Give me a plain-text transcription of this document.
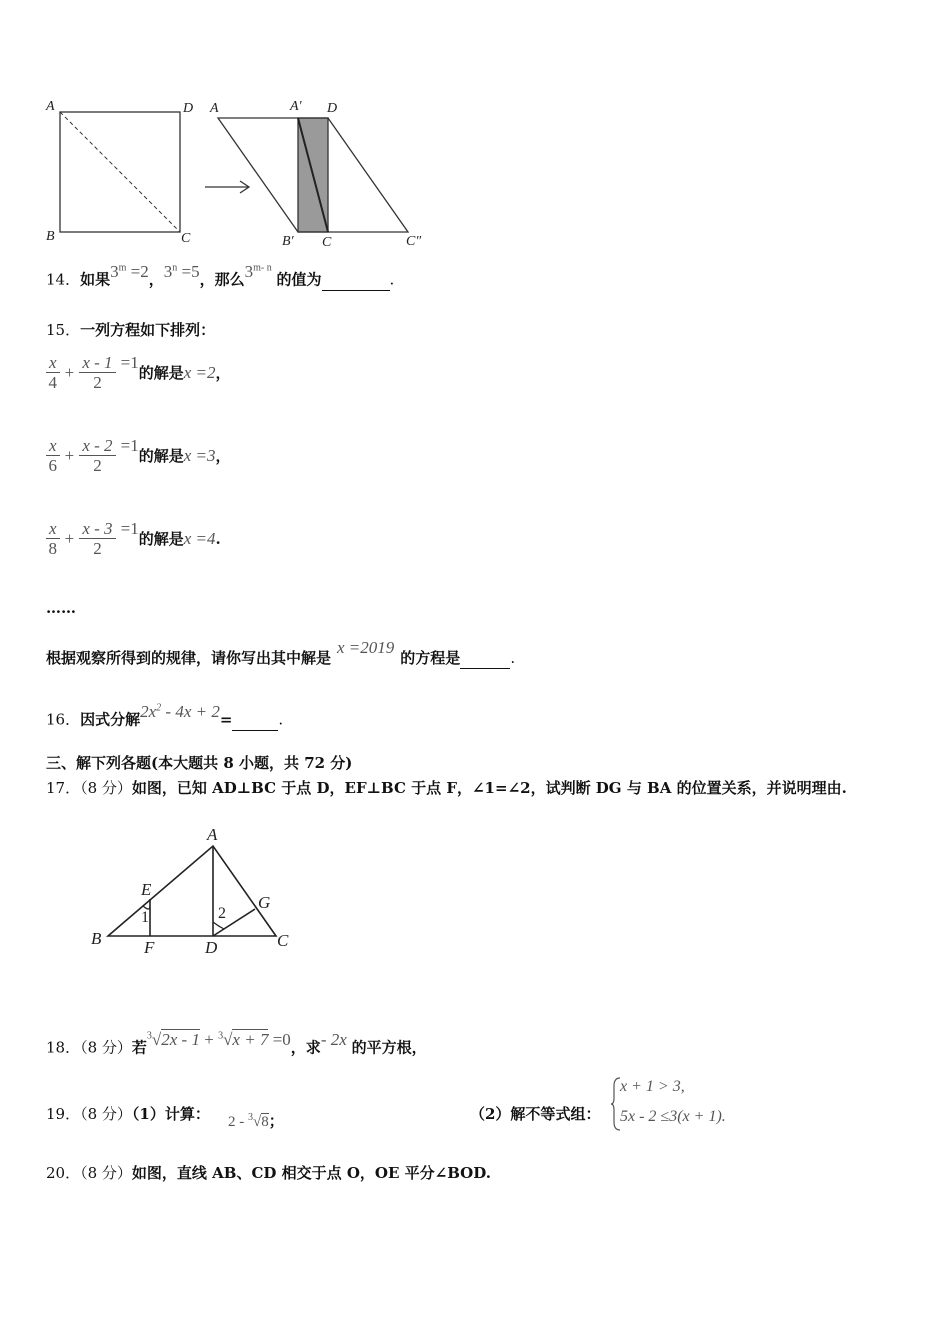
A	D
B	C
A	A′ D
B′ C	C″
14．如果$3^m =2$，$3^n =5$，那么3$^{m- n}$ 的值为	.
15．一列方程如下排列：
$\frac{x}{4} + \frac{x - 1}{2} =1$的解是x =2，
$\frac{x}{6} + \frac{x - 2}{2} =1$的解是x =3，
$\frac{x}{8} + \frac{x - 3}{2} =1$的解是x =4.
……
根据观察所得到的规律，请你写出其中解是x =2019的方程是	.
16．因式分解$2x^2 - 4x + 2=$	.
三、解下列各题(本大题共 8 小题，共 72 分)
17．（8 分）如图，已知 AD⊥BC 于点 D，EF⊥BC 于点 F，∠1=∠2，试判断 DG 与 BA 的位置关系，并说明理由.
A
E
1	2
G
B	F	D	C
18．（8 分）若$^3$√2x - 1 + $^3$√x + 7 =0，求- 2x 的平方根，
19．（8 分）（1）计算： 2 - $^3$√8；	（2）解不等式组：
x + 1 > 3,
5x - 2 ≤3(x + 1).
20．（8 分）如图，直线 AB、CD 相交于点 O，OE 平分∠BOD.
